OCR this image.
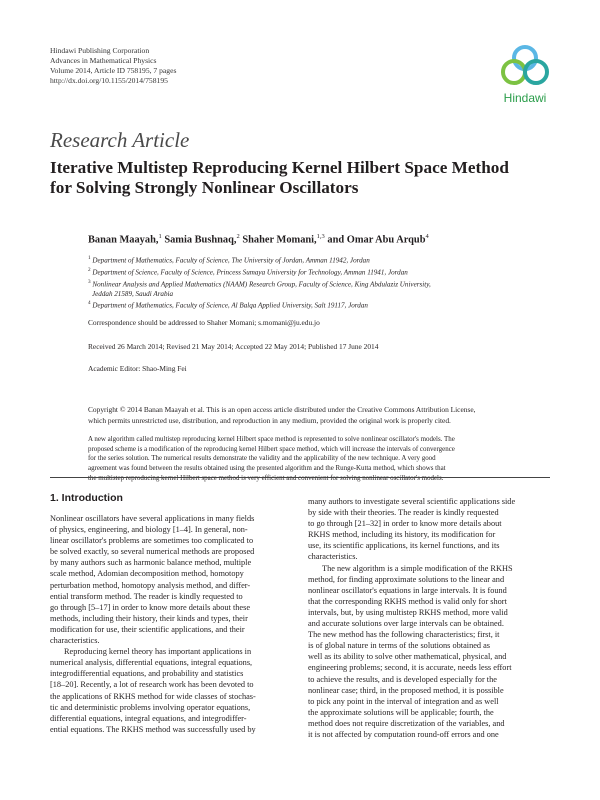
Hindawi Publishing Corporation
Advances in Mathematical Physics
Volume 2014, Article ID 758195, 7 pages
http://dx.doi.org/10.1155/2014/758195
Hindawi
Research Article
Iterative Multistep Reproducing Kernel Hilbert Space Method
for Solving Strongly Nonlinear Oscillators
Banan Maayah,$^1$ Samia Bushnaq,$^2$ Shaher Momani,$^{1,3}$ and Omar Abu Arqub$^4$
$^1$ Department of Mathematics, Faculty of Science, The University of Jordan, Amman 11942, Jordan
$^2$ Department of Science, Faculty of Science, Princess Sumaya University for Technology, Amman 11941, Jordan
$^3$ Nonlinear Analysis and Applied Mathematics (NAAM) Research Group, Faculty of Science, King Abdulaziz University,
Jeddah 21589, Saudi Arabia
$^4$ Department of Mathematics, Faculty of Science, Al Balqa Applied University, Salt 19117, Jordan
Correspondence should be addressed to Shaher Momani; s.momani@ju.edu.jo
Received 26 March 2014; Revised 21 May 2014; Accepted 22 May 2014; Published 17 June 2014
Academic Editor: Shao-Ming Fei
Copyright © 2014 Banan Maayah et al. This is an open access article distributed under the Creative Commons Attribution License,
which permits unrestricted use, distribution, and reproduction in any medium, provided the original work is properly cited.
A new algorithm called multistep reproducing kernel Hilbert space method is represented to solve nonlinear oscillator's models. The
proposed scheme is a modification of the reproducing kernel Hilbert space method, which will increase the intervals of convergence
for the series solution. The numerical results demonstrate the validity and the applicability of the new technique. A very good
agreement was found between the results obtained using the presented algorithm and the Runge-Kutta method, which shows that
1. Introduction
Nonlinear oscillators have several applications in many fields
of physics, engineering, and biology [1–4]. In general, non-
linear oscillator's problems are sometimes too complicated to
be solved exactly, so several numerical methods are proposed
by many authors such as harmonic balance method, multiple
scale method, Adomian decomposition method, homotopy
perturbation method, homotopy analysis method, and differ-
ential transform method. The reader is kindly requested to
go through [5–17] in order to know more details about these
methods, including their history, their kinds and types, their
modification for use, their scientific applications, and their
characteristics.
Reproducing kernel theory has important applications in
numerical analysis, differential equations, integral equations,
integrodifferential equations, and probability and statistics
[18–20]. Recently, a lot of research work has been devoted to
the applications of RKHS method for wide classes of stochas-
tic and deterministic problems involving operator equations,
differential equations, integral equations, and integrodiffer-
ential equations. The RKHS method was successfully used by
many authors to investigate several scientific applications side
by side with their theories. The reader is kindly requested
to go through [21–32] in order to know more details about
RKHS method, including its history, its modification for
use, its scientific applications, its kernel functions, and its
characteristics.
The new algorithm is a simple modification of the RKHS
method, for finding approximate solutions to the linear and
nonlinear oscillator's equations in large intervals. It is found
that the corresponding RKHS method is valid only for short
intervals, but, by using multistep RKHS method, more valid
and accurate solutions over large intervals can be obtained.
The new method has the following characteristics; first, it
is of global nature in terms of the solutions obtained as
well as its ability to solve other mathematical, physical, and
engineering problems; second, it is accurate, needs less effort
to achieve the results, and is developed especially for the
nonlinear case; third, in the proposed method, it is possible
to pick any point in the interval of integration and as well
the approximate solutions will be applicable; fourth, the
method does not require discretization of the variables, and
it is not affected by computation round-off errors and one
